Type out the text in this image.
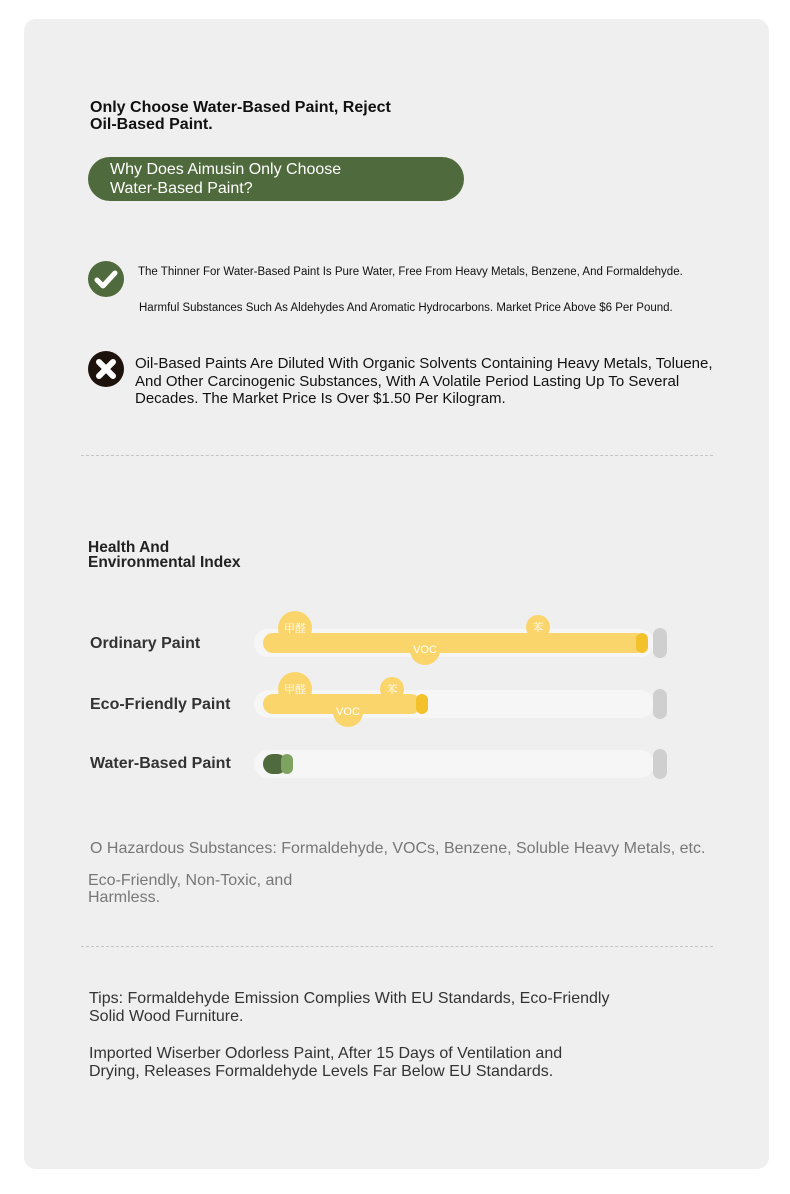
Only Choose Water-Based Paint, Reject
Oil-Based Paint.
Why Does Aimusin Only Choose
Water-Based Paint?
The Thinner For Water-Based Paint Is Pure Water, Free From Heavy Metals, Benzene, And Formaldehyde.
Harmful Substances Such As Aldehydes And Aromatic Hydrocarbons. Market Price Above $6 Per Pound.
Oil-Based Paints Are Diluted With Organic Solvents Containing Heavy Metals, Toluene, And Other Carcinogenic Substances, With A Volatile Period Lasting Up To Several Decades. The Market Price Is Over $1.50 Per Kilogram.
Health And
Environmental Index
Ordinary Paint
甲醛	苯
VOC
Eco-Friendly Paint
甲醛	苯
VOC
Water-Based Paint
O Hazardous Substances: Formaldehyde, VOCs, Benzene, Soluble Heavy Metals, etc.
Eco-Friendly, Non-Toxic, and
Harmless.
Tips: Formaldehyde Emission Complies With EU Standards, Eco-Friendly
Solid Wood Furniture.
Imported Wiserber Odorless Paint, After 15 Days of Ventilation and
Drying, Releases Formaldehyde Levels Far Below EU Standards.
